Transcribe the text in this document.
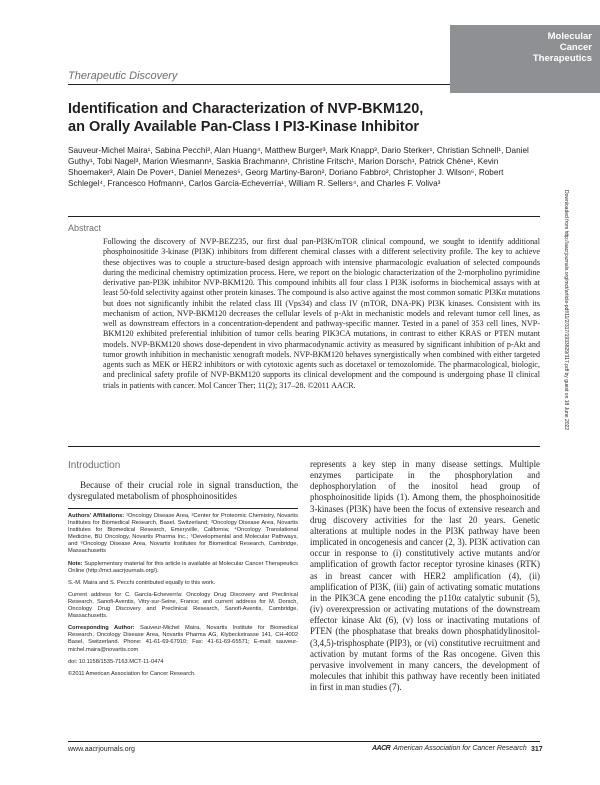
Molecular
Cancer
Therapeutics
Therapeutic Discovery
Identification and Characterization of NVP-BKM120,
an Orally Available Pan-Class I PI3-Kinase Inhibitor
Sauveur-Michel Maira¹, Sabina Pecchi³, Alan Huang⁴, Matthew Burger³, Mark Knapp³, Dario Sterker¹, Christian Schnell¹, Daniel Guthy¹, Tobi Nagel³, Marion Wiesmann¹, Saskia Brachmann¹, Christine Fritsch¹, Marion Dorsch¹, Patrick Chène¹, Kevin Shoemaker³, Alain De Pover¹, Daniel Menezes⁵, Georg Martiny-Baron², Doriano Fabbro², Christopher J. Wilson⁶, Robert Schlegel⁴, Francesco Hofmann¹, Carlos García-Echeverría¹, William R. Sellers⁴, and Charles F. Voliva³
Abstract
Following the discovery of NVP-BEZ235, our first dual pan-PI3K/mTOR clinical compound, we sought to identify additional phosphoinositide 3-kinase (PI3K) inhibitors from different chemical classes with a different selectivity profile. The key to achieve these objectives was to couple a structure-based design approach with intensive pharmacologic evaluation of selected compounds during the medicinal chemistry optimization process. Here, we report on the biologic characterization of the 2-morpholino pyrimidine derivative pan-PI3K inhibitor NVP-BKM120. This compound inhibits all four class I PI3K isoforms in biochemical assays with at least 50-fold selectivity against other protein kinases. The compound is also active against the most common somatic PI3Kα mutations but does not significantly inhibit the related class III (Vps34) and class IV (mTOR, DNA-PK) PI3K kinases. Consistent with its mechanism of action, NVP-BKM120 decreases the cellular levels of p-Akt in mechanistic models and relevant tumor cell lines, as well as downstream effectors in a concentration-dependent and pathway-specific manner. Tested in a panel of 353 cell lines, NVP-BKM120 exhibited preferential inhibition of tumor cells bearing PIK3CA mutations, in contrast to either KRAS or PTEN mutant models. NVP-BKM120 shows dose-dependent in vivo pharmacodynamic activity as measured by significant inhibition of p-Akt and tumor growth inhibition in mechanistic xenograft models. NVP-BKM120 behaves synergistically when combined with either targeted agents such as MEK or HER2 inhibitors or with cytotoxic agents such as docetaxel or temozolomide. The pharmacological, biologic, and preclinical safety profile of NVP-BKM120 supports its clinical development and the compound is undergoing phase II clinical trials in patients with cancer. Mol Cancer Ther; 11(2); 317–28. ©2011 AACR.	Downloaded from http://aacrjournals.org/mct/article-pdf/11/2/317/1933829/317.pdf by guest on 18 June 2022
Introduction
Because of their crucial role in signal transduction, the dysregulated metabolism of phosphoinositides

Authors' Affiliations: ¹Oncology Disease Area, ²Center for Proteomic Chemistry, Novartis Institutes for Biomedical Research, Basel, Switzerland; ³Oncology Disease Area, Novartis Institutes for Biomedical Research, Emeryville, California; ⁴Oncology Translational Medicine, BU Oncology, Novartis Pharma Inc.; ⁵Developmental and Molecular Pathways, and ⁶Oncology Disease Area, Novartis Institutes for Biomedical Research, Cambridge, Massachusetts

Note: Supplementary material for this article is available at Molecular Cancer Therapeutics Online (http://mct.aacrjournals.org/).

S.-M. Maira and S. Pecchi contributed equally to this work.

Current address for C. García-Echeverría: Oncology Drug Discovery and Preclinical Research, Sanofi-Aventis, Vitry-sur-Seine, France; and current address for M. Dorsch, Oncology Drug Discovery and Preclinical Research, Sanofi-Aventis, Cambridge, Massachusetts.

Corresponding Author: Sauveur-Michel Maira, Novartis Institute for Biomedical Research, Oncology Disease Area, Novartis Pharma AG, Klybeckstrasse 141, CH-4002 Basel, Switzerland. Phone: 41-61-69-67910; Fax: 41-61-69-65571; E-mail: sauveur-michel.maira@novartis.com

doi: 10.1158/1535-7163.MCT-11-0474

©2011 American Association for Cancer Research.

represents a key step in many disease settings. Multiple enzymes participate in the phosphorylation and dephosphorylation of the inositol head group of phosphoinositide lipids (1). Among them, the phosphoinositide 3-kinases (PI3K) have been the focus of extensive research and drug discovery activities for the last 20 years. Genetic alterations at multiple nodes in the PI3K pathway have been implicated in oncogenesis and cancer (2, 3). PI3K activation can occur in response to (i) constitutively active mutants and/or amplification of growth factor receptor tyrosine kinases (RTK) as in breast cancer with HER2 amplification (4), (ii) amplification of PI3K, (iii) gain of activating somatic mutations in the PIK3CA gene encoding the p110α catalytic subunit (5), (iv) overexpression or activating mutations of the downstream effector kinase Akt (6), (v) loss or inactivating mutations of PTEN (the phosphatase that breaks down phosphatidylinositol-(3,4,5)-trisphosphate (PIP3), or (vi) constitutive recruitment and activation by mutant forms of the Ras oncogene. Given this pervasive involvement in many cancers, the development of molecules that inhibit this pathway have recently been initiated in first in man studies (7).
www.aacrjournals.org	AACR American Association for Cancer Research 317
